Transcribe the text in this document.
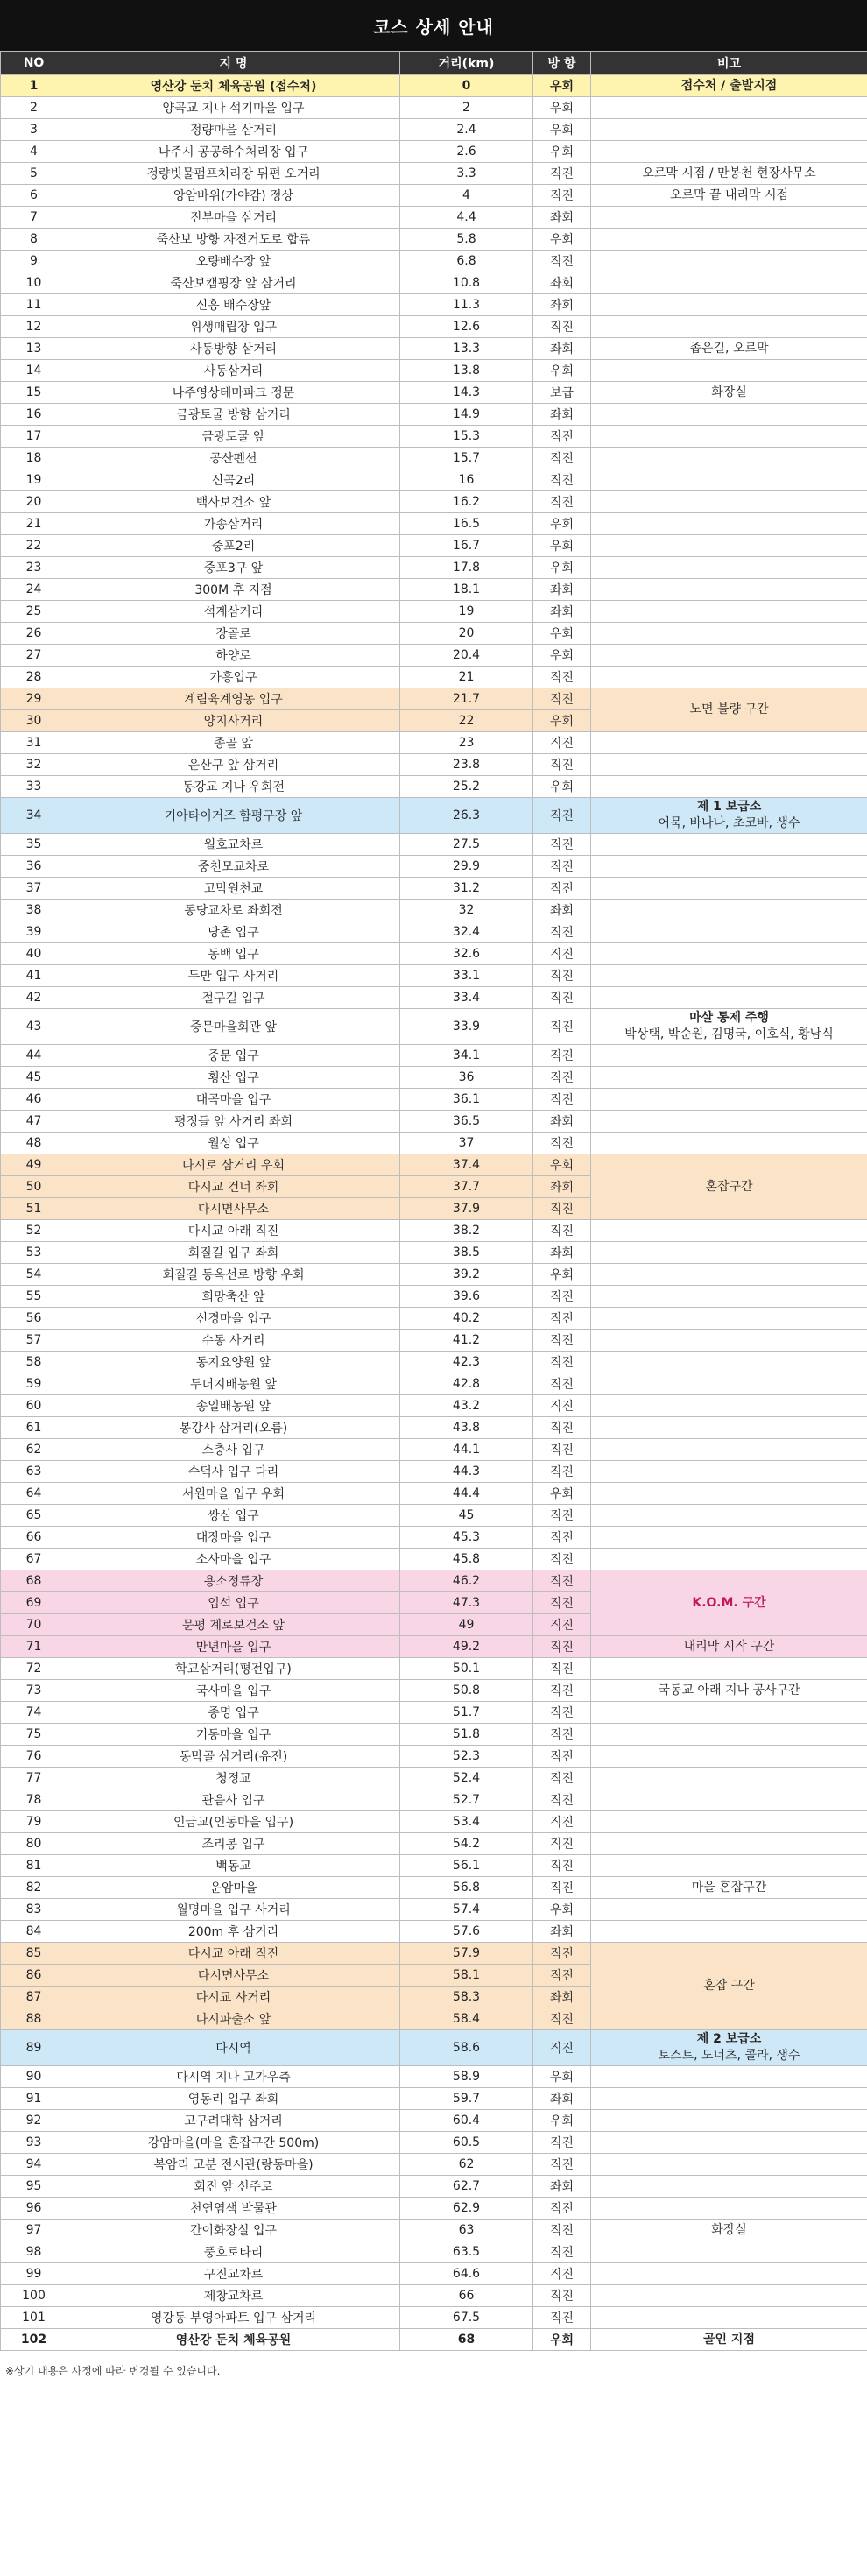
코스 상세 안내
NO	지 명	거리(km)	방 향	비고
1	영산강 둔치 체육공원 (접수처)	0	우회	접수처 / 출발지점

2	양곡교 지나 석기마을 입구	2	우회	
3	정량마을 삼거리	2.4	우회	
4	나주시 공공하수처리장 입구	2.6	우회	
5	정량빗물펌프처리장 뒤편 오거리	3.3	직진	오르막 시점 / 만봉천 현장사무소

6	앙암바위(가야감) 정상	4	직진	오르막 끝 내리막 시점

7	진부마을 삼거리	4.4	좌회	
8	죽산보 방향 자전거도로 합류	5.8	우회	
9	오량배수장 앞	6.8	직진	
10	죽산보캠핑장 앞 삼거리	10.8	좌회	
11	신흥 배수장앞	11.3	좌회	
12	위생매립장 입구	12.6	직진	
13	사동방향 삼거리	13.3	좌회	좁은길, 오르막

14	사동삼거리	13.8	우회	
15	나주영상테마파크 정문	14.3	보급	화장실

16	금광토굴 방향 삼거리	14.9	좌회	
17	금광토굴 앞	15.3	직진	
18	공산펜션	15.7	직진	
19	신곡2리	16	직진	
20	백사보건소 앞	16.2	직진	
21	가송삼거리	16.5	우회	
22	중포2리	16.7	우회	
23	중포3구 앞	17.8	우회	
24	300M 후 지점	18.1	좌회	
25	석계삼거리	19	좌회	
26	장골로	20	우회	
27	하양로	20.4	우회	
28	가흥입구	21	직진	
29	계림육계영농 입구	21.7	직진	노면 불량 구간

30	양지사거리	22	우회	
31	종골 앞	23	직진	
32	운산구 앞 삼거리	23.8	직진	
33	동강교 지나 우회전	25.2	우회	
34	기아타이거즈 함평구장 앞	26.3	직진	제 1 보급소
어묵, 바나나, 초코바, 생수

35	월호교차로	27.5	직진	
36	중천모교차로	29.9	직진	
37	고막원천교	31.2	직진	
38	동당교차로 좌회전	32	좌회	
39	당촌 입구	32.4	직진	
40	동백 입구	32.6	직진	
41	두만 입구 사거리	33.1	직진	
42	절구길 입구	33.4	직진	
43	중문마을회관 앞	33.9	직진	마샬 통제 주행
박상택, 박순원, 김명국, 이호식, 황남식

44	중문 입구	34.1	직진	
45	횡산 입구	36	직진	
46	대곡마을 입구	36.1	직진	
47	평정들 앞 사거리 좌회	36.5	좌회	
48	월성 입구	37	직진	
49	다시로 삼거리 우회	37.4	우회	혼잡구간

50	다시교 건너 좌회	37.7	좌회	
51	다시면사무소	37.9	직진	
52	다시교 아래 직진	38.2	직진	
53	회질길 입구 좌회	38.5	좌회	
54	회질길 동옥선로 방향 우회	39.2	우회	
55	희망축산 앞	39.6	직진	
56	신경마을 입구	40.2	직진	
57	수동 사거리	41.2	직진	
58	동지요양원 앞	42.3	직진	
59	두더지배농원 앞	42.8	직진	
60	송일배농원 앞	43.2	직진	
61	봉강사 삼거리(오름)	43.8	직진	
62	소충사 입구	44.1	직진	
63	수덕사 입구 다리	44.3	직진	
64	서원마을 입구 우회	44.4	우회	
65	쌍심 입구	45	직진	
66	대장마을 입구	45.3	직진	
67	소사마을 입구	45.8	직진	
68	용소정류장	46.2	직진	K.O.M. 구간

69	입석 입구	47.3	직진	
70	문평 계로보건소 앞	49	직진	
71	만년마을 입구	49.2	직진	내리막 시작 구간

72	학교삼거리(평전입구)	50.1	직진	
73	국사마을 입구	50.8	직진	국동교 아래 지나 공사구간

74	종명 입구	51.7	직진	
75	기동마을 입구	51.8	직진	
76	동막골 삼거리(유전)	52.3	직진	
77	청정교	52.4	직진	
78	관음사 입구	52.7	직진	
79	인금교(인동마을 입구)	53.4	직진	
80	조리봉 입구	54.2	직진	
81	백동교	56.1	직진	
82	운암마을	56.8	직진	마을 혼잡구간

83	월명마을 입구 사거리	57.4	우회	
84	200m 후 삼거리	57.6	좌회	
85	다시교 아래 직진	57.9	직진	혼잡 구간

86	다시면사무소	58.1	직진	
87	다시교 사거리	58.3	좌회	
88	다시파출소 앞	58.4	직진	
89	다시역	58.6	직진	제 2 보급소
토스트, 도너츠, 콜라, 생수

90	다시역 지나 고가우측	58.9	우회	
91	영동리 입구 좌회	59.7	좌회	
92	고구려대학 삼거리	60.4	우회	
93	강암마을(마을 혼잡구간 500m)	60.5	직진	
94	복암리 고분 전시관(랑동마을)	62	직진	
95	회진 앞 선주로	62.7	좌회	
96	천연염색 박물관	62.9	직진	
97	간이화장실 입구	63	직진	화장실

98	풍호로타리	63.5	직진	
99	구진교차로	64.6	직진	
100	제창교차로	66	직진	
101	영강동 부영아파트 입구 삼거리	67.5	직진	
102	영산강 둔치 체육공원	68	우회	골인 지점
※상기 내용은 사정에 따라 변경될 수 있습니다.
